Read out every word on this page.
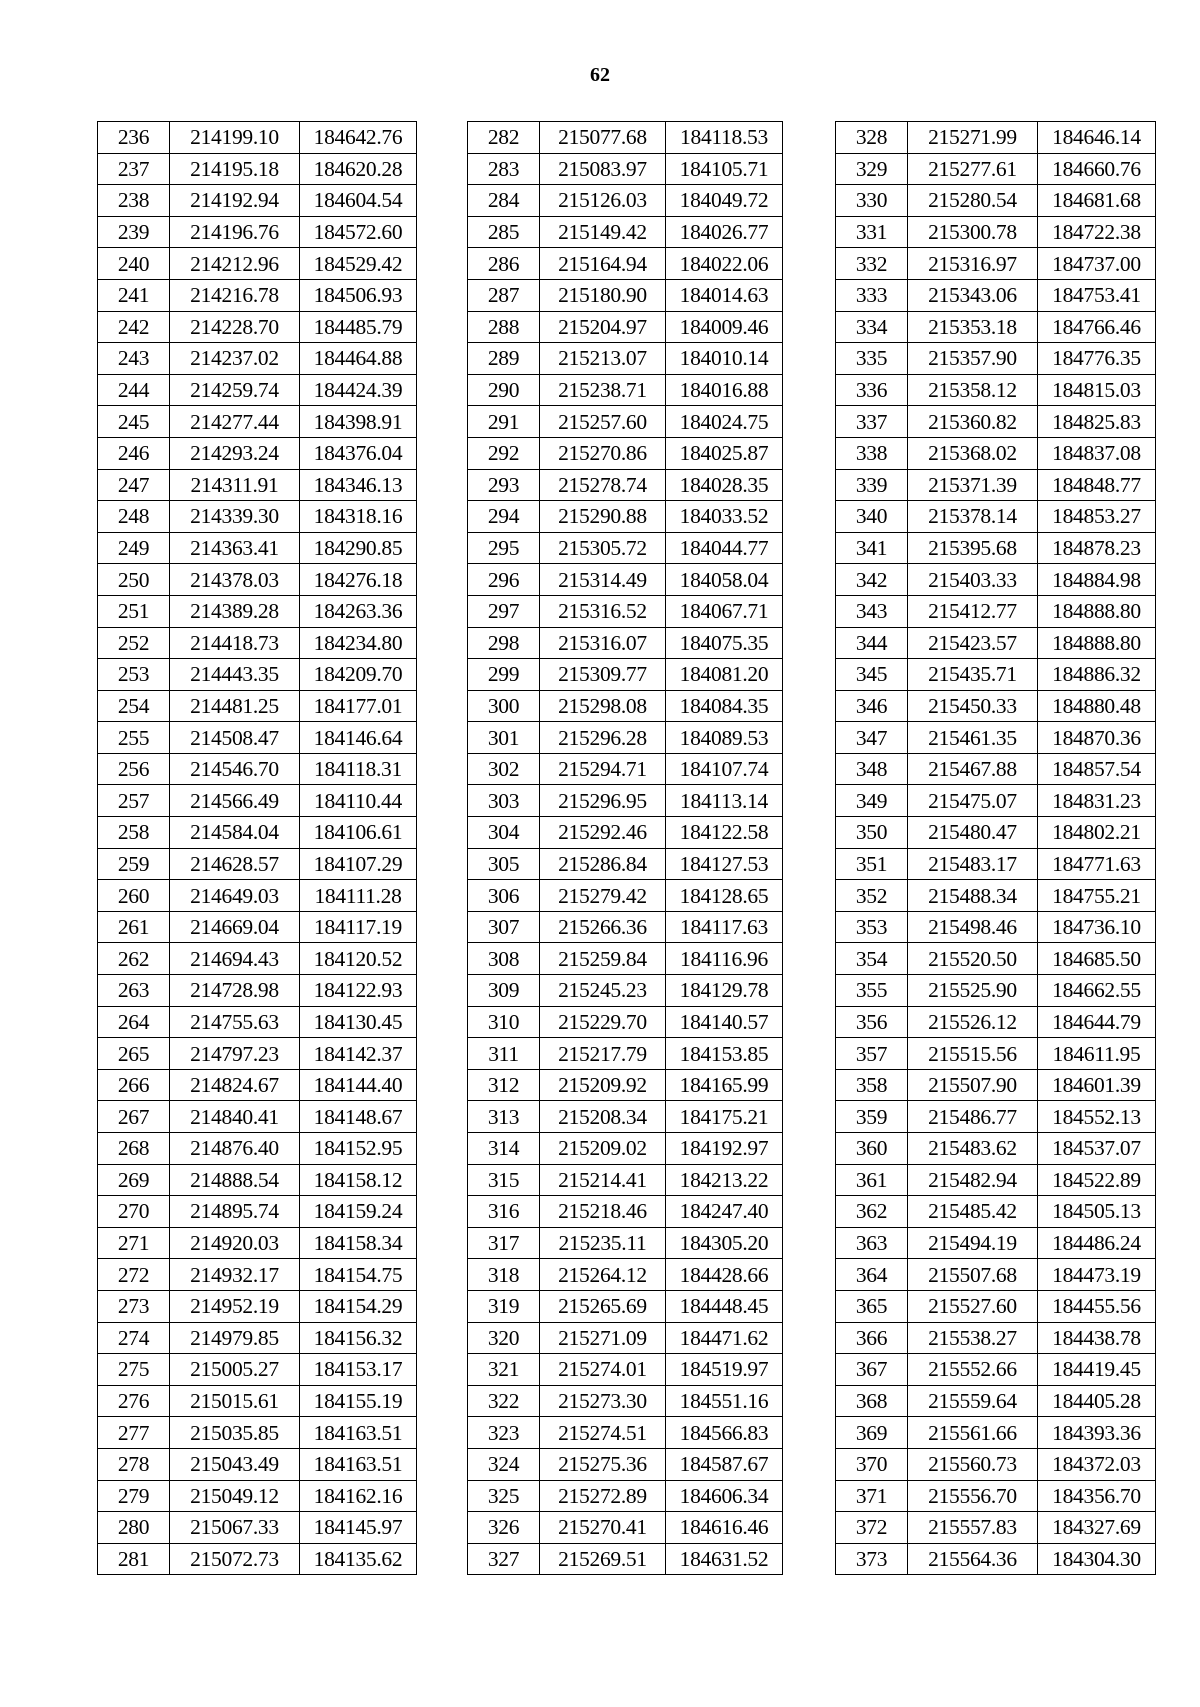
62
236	214199.10	184642.76
237	214195.18	184620.28
238	214192.94	184604.54
239	214196.76	184572.60
240	214212.96	184529.42
241	214216.78	184506.93
242	214228.70	184485.79
243	214237.02	184464.88
244	214259.74	184424.39
245	214277.44	184398.91
246	214293.24	184376.04
247	214311.91	184346.13
248	214339.30	184318.16
249	214363.41	184290.85
250	214378.03	184276.18
251	214389.28	184263.36
252	214418.73	184234.80
253	214443.35	184209.70
254	214481.25	184177.01
255	214508.47	184146.64
256	214546.70	184118.31
257	214566.49	184110.44
258	214584.04	184106.61
259	214628.57	184107.29
260	214649.03	184111.28
261	214669.04	184117.19
262	214694.43	184120.52
263	214728.98	184122.93
264	214755.63	184130.45
265	214797.23	184142.37
266	214824.67	184144.40
267	214840.41	184148.67
268	214876.40	184152.95
269	214888.54	184158.12
270	214895.74	184159.24
271	214920.03	184158.34
272	214932.17	184154.75
273	214952.19	184154.29
274	214979.85	184156.32
275	215005.27	184153.17
276	215015.61	184155.19
277	215035.85	184163.51
278	215043.49	184163.51
279	215049.12	184162.16
280	215067.33	184145.97
281	215072.73	184135.62
282	215077.68	184118.53
283	215083.97	184105.71
284	215126.03	184049.72
285	215149.42	184026.77
286	215164.94	184022.06
287	215180.90	184014.63
288	215204.97	184009.46
289	215213.07	184010.14
290	215238.71	184016.88
291	215257.60	184024.75
292	215270.86	184025.87
293	215278.74	184028.35
294	215290.88	184033.52
295	215305.72	184044.77
296	215314.49	184058.04
297	215316.52	184067.71
298	215316.07	184075.35
299	215309.77	184081.20
300	215298.08	184084.35
301	215296.28	184089.53
302	215294.71	184107.74
303	215296.95	184113.14
304	215292.46	184122.58
305	215286.84	184127.53
306	215279.42	184128.65
307	215266.36	184117.63
308	215259.84	184116.96
309	215245.23	184129.78
310	215229.70	184140.57
311	215217.79	184153.85
312	215209.92	184165.99
313	215208.34	184175.21
314	215209.02	184192.97
315	215214.41	184213.22
316	215218.46	184247.40
317	215235.11	184305.20
318	215264.12	184428.66
319	215265.69	184448.45
320	215271.09	184471.62
321	215274.01	184519.97
322	215273.30	184551.16
323	215274.51	184566.83
324	215275.36	184587.67
325	215272.89	184606.34
326	215270.41	184616.46
327	215269.51	184631.52
328	215271.99	184646.14
329	215277.61	184660.76
330	215280.54	184681.68
331	215300.78	184722.38
332	215316.97	184737.00
333	215343.06	184753.41
334	215353.18	184766.46
335	215357.90	184776.35
336	215358.12	184815.03
337	215360.82	184825.83
338	215368.02	184837.08
339	215371.39	184848.77
340	215378.14	184853.27
341	215395.68	184878.23
342	215403.33	184884.98
343	215412.77	184888.80
344	215423.57	184888.80
345	215435.71	184886.32
346	215450.33	184880.48
347	215461.35	184870.36
348	215467.88	184857.54
349	215475.07	184831.23
350	215480.47	184802.21
351	215483.17	184771.63
352	215488.34	184755.21
353	215498.46	184736.10
354	215520.50	184685.50
355	215525.90	184662.55
356	215526.12	184644.79
357	215515.56	184611.95
358	215507.90	184601.39
359	215486.77	184552.13
360	215483.62	184537.07
361	215482.94	184522.89
362	215485.42	184505.13
363	215494.19	184486.24
364	215507.68	184473.19
365	215527.60	184455.56
366	215538.27	184438.78
367	215552.66	184419.45
368	215559.64	184405.28
369	215561.66	184393.36
370	215560.73	184372.03
371	215556.70	184356.70
372	215557.83	184327.69
373	215564.36	184304.30
